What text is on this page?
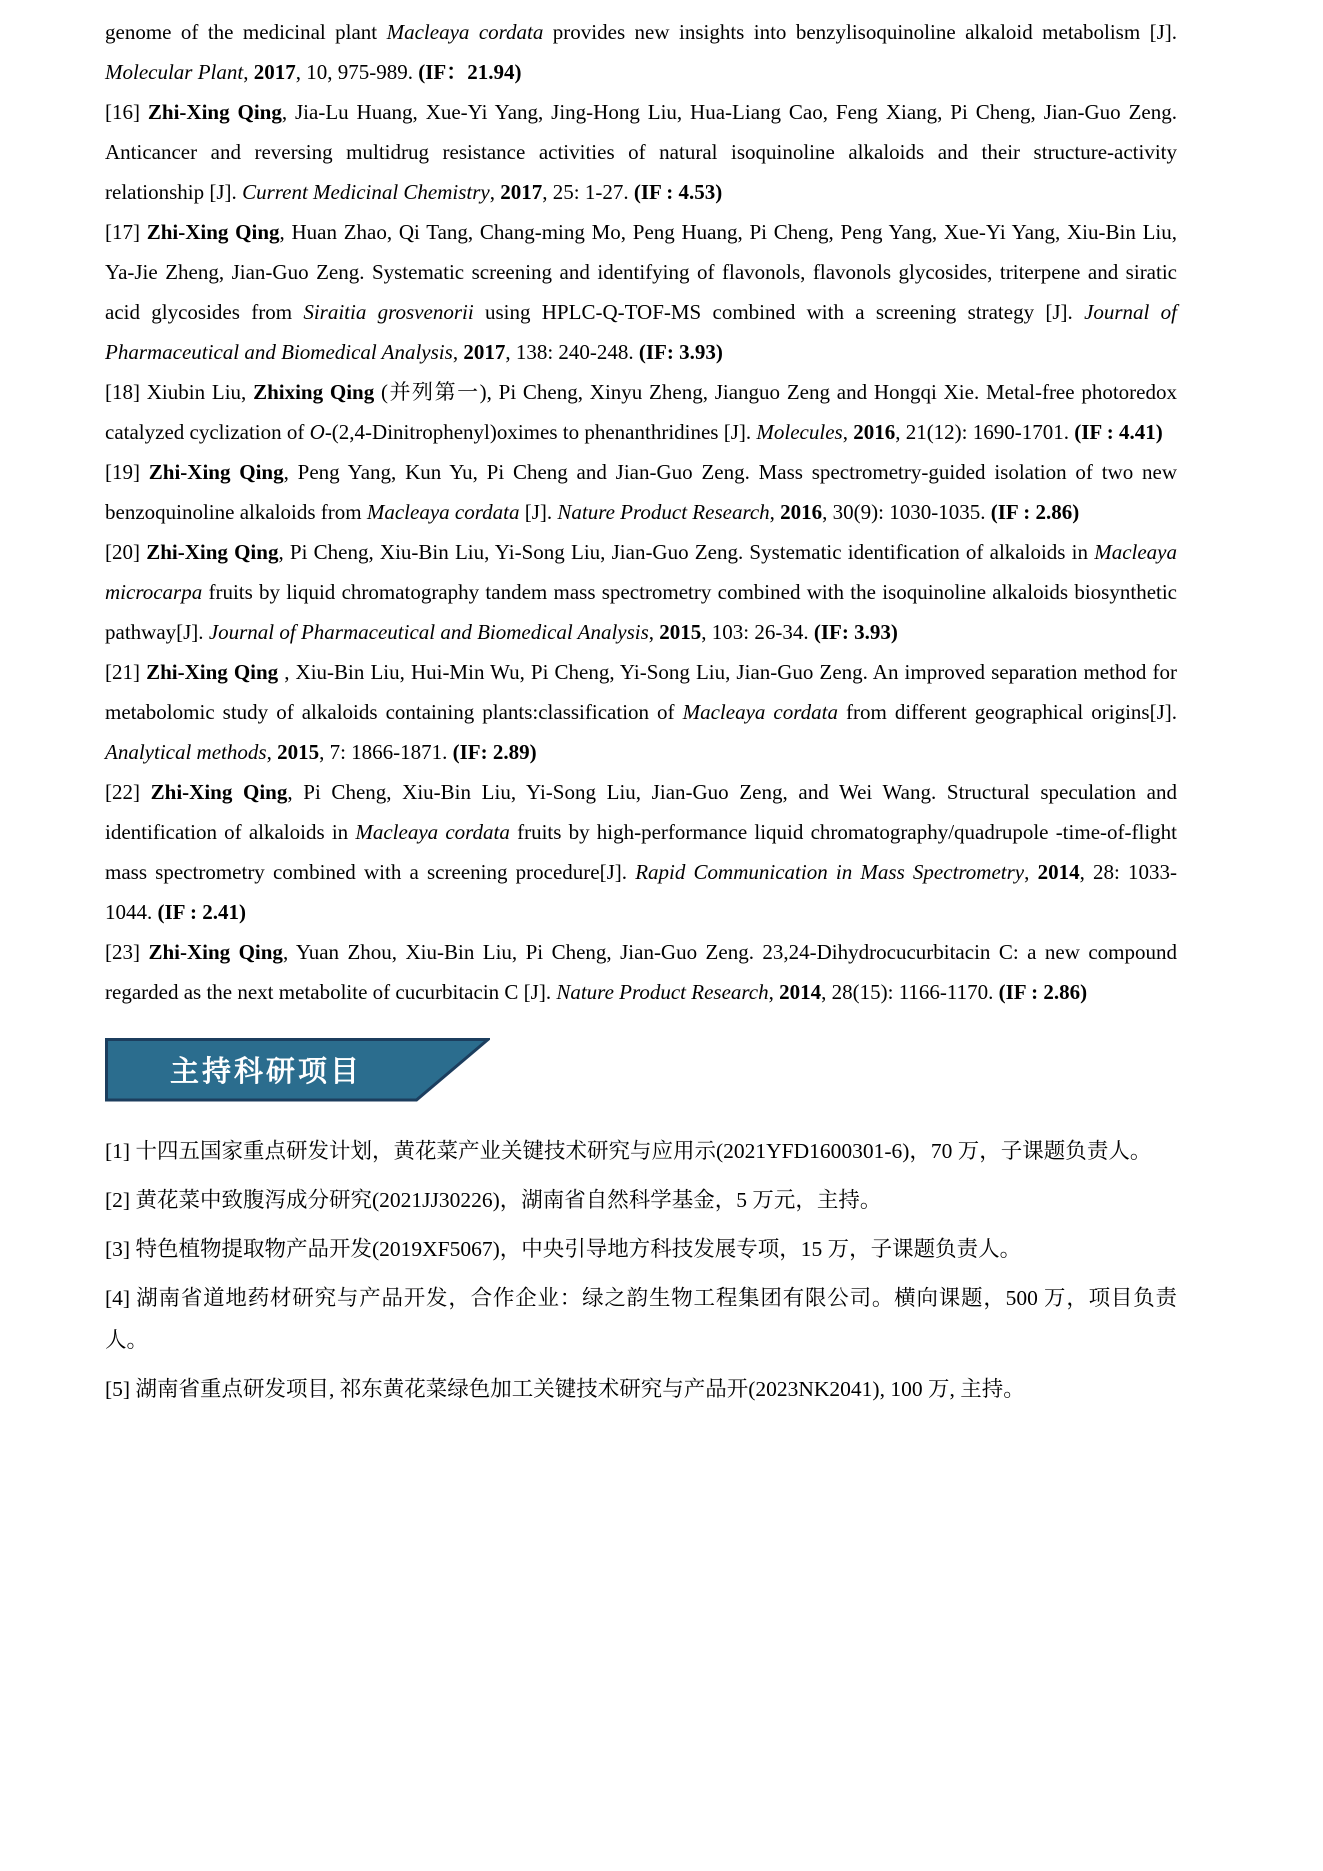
genome of the medicinal plant Macleaya cordata provides new insights into benzylisoquinoline alkaloid metabolism [J]. Molecular Plant, 2017, 10, 975-989. (IF：21.94)

[16] Zhi-Xing Qing, Jia-Lu Huang, Xue-Yi Yang, Jing-Hong Liu, Hua-Liang Cao, Feng Xiang, Pi Cheng, Jian-Guo Zeng. Anticancer and reversing multidrug resistance activities of natural isoquinoline alkaloids and their structure-activity relationship [J]. Current Medicinal Chemistry, 2017, 25: 1-27. (IF : 4.53)

[17] Zhi-Xing Qing, Huan Zhao, Qi Tang, Chang-ming Mo, Peng Huang, Pi Cheng, Peng Yang, Xue-Yi Yang, Xiu-Bin Liu, Ya-Jie Zheng, Jian-Guo Zeng. Systematic screening and identifying of flavonols, flavonols glycosides, triterpene and siratic acid glycosides from Siraitia grosvenorii using HPLC-Q-TOF-MS combined with a screening strategy [J]. Journal of Pharmaceutical and Biomedical Analysis, 2017, 138: 240-248. (IF: 3.93)

[18] Xiubin Liu, Zhixing Qing (并列第一), Pi Cheng, Xinyu Zheng, Jianguo Zeng and Hongqi Xie. Metal-free photoredox catalyzed cyclization of O-(2,4-Dinitrophenyl)oximes to phenanthridines [J]. Molecules, 2016, 21(12): 1690-1701. (IF : 4.41)

[19] Zhi-Xing Qing, Peng Yang, Kun Yu, Pi Cheng and Jian-Guo Zeng. Mass spectrometry-guided isolation of two new benzoquinoline alkaloids from Macleaya cordata [J]. Nature Product Research, 2016, 30(9): 1030-1035. (IF : 2.86)

[20] Zhi-Xing Qing, Pi Cheng, Xiu-Bin Liu, Yi-Song Liu, Jian-Guo Zeng. Systematic identification of alkaloids in Macleaya microcarpa fruits by liquid chromatography tandem mass spectrometry combined with the isoquinoline alkaloids biosynthetic pathway[J]. Journal of Pharmaceutical and Biomedical Analysis, 2015, 103: 26-34. (IF: 3.93)

[21] Zhi-Xing Qing , Xiu-Bin Liu, Hui-Min Wu, Pi Cheng, Yi-Song Liu, Jian-Guo Zeng. An improved separation method for metabolomic study of alkaloids containing plants:classification of Macleaya cordata from different geographical origins[J]. Analytical methods, 2015, 7: 1866-1871. (IF: 2.89)

[22] Zhi-Xing Qing, Pi Cheng, Xiu-Bin Liu, Yi-Song Liu, Jian-Guo Zeng, and Wei Wang. Structural speculation and identification of alkaloids in Macleaya cordata fruits by high-performance liquid chromatography/quadrupole -time-of-flight mass spectrometry combined with a screening procedure[J]. Rapid Communication in Mass Spectrometry, 2014, 28: 1033-1044. (IF : 2.41)

[23] Zhi-Xing Qing, Yuan Zhou, Xiu-Bin Liu, Pi Cheng, Jian-Guo Zeng. 23,24-Dihydrocucurbitacin C: a new compound regarded as the next metabolite of cucurbitacin C [J]. Nature Product Research, 2014, 28(15): 1166-1170. (IF : 2.86)

主持科研项目

[1] 十四五国家重点研发计划，黄花菜产业关键技术研究与应用示(2021YFD1600301-6)，70 万，子课题负责人。

[2] 黄花菜中致腹泻成分研究(2021JJ30226)，湖南省自然科学基金，5 万元，主持。

[3] 特色植物提取物产品开发(2019XF5067)，中央引导地方科技发展专项，15 万，子课题负责人。

[4] 湖南省道地药材研究与产品开发，合作企业：绿之韵生物工程集团有限公司。横向课题，500 万，项目负责人。

[5] 湖南省重点研发项目, 祁东黄花菜绿色加工关键技术研究与产品开(2023NK2041), 100 万, 主持。
